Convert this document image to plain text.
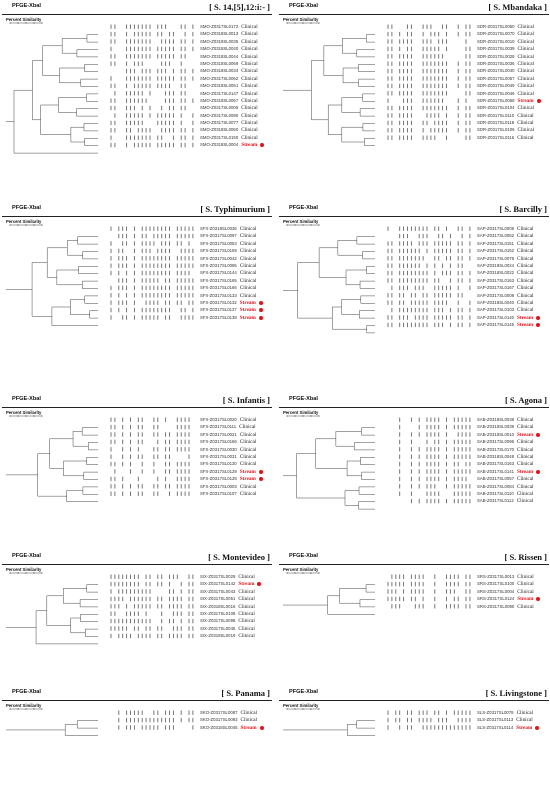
PFGE-XbaI	[ S. 14,[5],12:i:- ]
Percent Similarity
SMO-Z0317SL0172 Clinical
SMO-Z0318SL0013 Clinical
SMO-Z0318SL0035 Clinical
SMO-Z0318SL0040 Clinical
SMO-Z0318SL0044 Clinical
SMO-Z0318SL0069 Clinical
SMO-Z0318SL0034 Clinical
SMO-Z0317SL0062 Clinical
SMO-Z0318SL0051 Clinical
SMO-Z0317SL0147 Clinical
SMO-Z0318SL0067 Clinical
SMO-Z0317SL0005 Clinical
SMO-Z0317SL0080 Clinical
SMO-Z0317SL0077 Clinical
SMO-Z0318SL0060 Clinical
SMO-Z0317SL0150 Clinical
SMO-Z0318SL0004 Stream
PFGE-XbaI	[ S. Mbandaka ]
Percent Similarity
SDR-Z0317SL0050 Clinical
SDR-Z0317SL0070 Clinical
SDR-Z0317SL0010 Clinical
SDR-Z0317SL0039 Clinical
SDR-Z0317SL0028 Clinical
SDR-Z0317SL0036 Clinical
SDR-Z0317SL0040 Clinical
SDR-Z0317SL0057 Clinical
SDR-Z0317SL0049 Clinical
SDR-Z0317SL0046 Clinical
SDR-Z0317SL0068 Stream
SDR-Z0317SL0104 Clinical
SDR-Z0317SL0110 Clinical
SDR-Z0317SL0118 Clinical
SDR-Z0317SL0106 Clinical
SDR-Z0317SL0116 Clinical
PFGE-XbaI	[ S. Typhimurium ]
Percent Similarity
SFX-Z0318SL0036 Clinical
SFX-Z0317SL0097 Clinical
SFX-Z0317SL0053 Clinical
SFX-Z0317SL0159 Clinical
SFX-Z0317SL0042 Clinical
SFX-Z0317SL0095 Clinical
SFX-Z0317SL0144 Clinical
SFX-Z0317SL0165 Clinical
SFX-Z0317SL0166 Clinical
SFX-Z0317SL0133 Clinical
SFX-Z0317SL0132 Stream
SFX-Z0317SL0137 Stream
SFX-Z0317SL0138 Stream
PFGE-XbaI	[ S. Barcilly ]
Percent Similarity
SAP-Z0317SL0009 Clinical
SAP-Z0317SL0052 Clinical
SAP-Z0317SL0151 Clinical
SAP-Z0317SL0152 Clinical
SAP-Z0317SL0078 Clinical
SAP-Z0318SL0024 Clinical
SAP-Z0318SL0022 Clinical
SAP-Z0317SL0163 Clinical
SAP-Z0317SL0167 Clinical
SAP-Z0317SL0008 Clinical
SAP-Z0318SL0040 Clinical
SAP-Z0317SL0103 Clinical
SAP-Z0317SL0140 Stream
SAP-Z0317SL0145 Stream
PFGE-XbaI	[ S. Infantis ]
Percent Similarity
SFX-Z0317SL0020 Clinical
SFX-Z0317SL0111 Clinical
SFX-Z0317SL0021 Clinical
SFX-Z0317SL0166 Clinical
SFX-Z0317SL0030 Clinical
SFX-Z0317SL0031 Clinical
SFX-Z0317SL0130 Clinical
SFX-Z0317SL0129 Stream
SFX-Z0317SL0128 Stream
SFX-Z0317SL0003 Clinical
SFX-Z0317SL0107 Clinical
PFGE-XbaI	[ S. Agona ]
Percent Similarity
SAB-Z0318SL0038 Clinical
SAB-Z0318SL0039 Clinical
SAB-Z0318SL0010 Stream
SAB-Z0317SL0096 Clinical
SAB-Z0317SL0170 Clinical
SAB-Z0318SL0048 Clinical
SAB-Z0317SL0163 Clinical
SAB-Z0317SL0141 Stream
SAB-Z0317SL0057 Clinical
SAB-Z0317SL0084 Clinical
SAB-Z0317SL0110 Clinical
SAB-Z0317SL0112 Clinical
PFGE-XbaI	[ S. Montevideo ]
Percent Similarity
SIX-Z0317SL0029 Clinical
SIX-Z0317SL0142 Stream
SIX-Z0317SL0043 Clinical
SIX-Z0317SL0051 Clinical
SIX-Z0318SL0016 Clinical
SIX-Z0317SL0108 Clinical
SIX-Z0317SL0098 Clinical
SIX-Z0317SL0045 Clinical
SIX-Z0318SL0019 Clinical
PFGE-XbaI	[ S. Rissen ]
Percent Similarity
SRS-Z0317SL0013 Clinical
SRS-Z0317SL0100 Clinical
SRS-Z0317SL0004 Clinical
SRS-Z0317SL0124 Stream
SRS-Z0317SL0090 Clinical
PFGE-XbaI	[ S. Panama ]
Percent Similarity
SKO-Z0317SL0087 Clinical
SKO-Z0317SL0093 Clinical
SKO-Z0318SL0045 Stream
PFGE-XbaI	[ S. Livingstone ]
Percent Similarity
SLS-Z0317SL0078 Clinical
SLS-Z0317SL0113 Clinical
SLS-Z0317SL0114 Stream
